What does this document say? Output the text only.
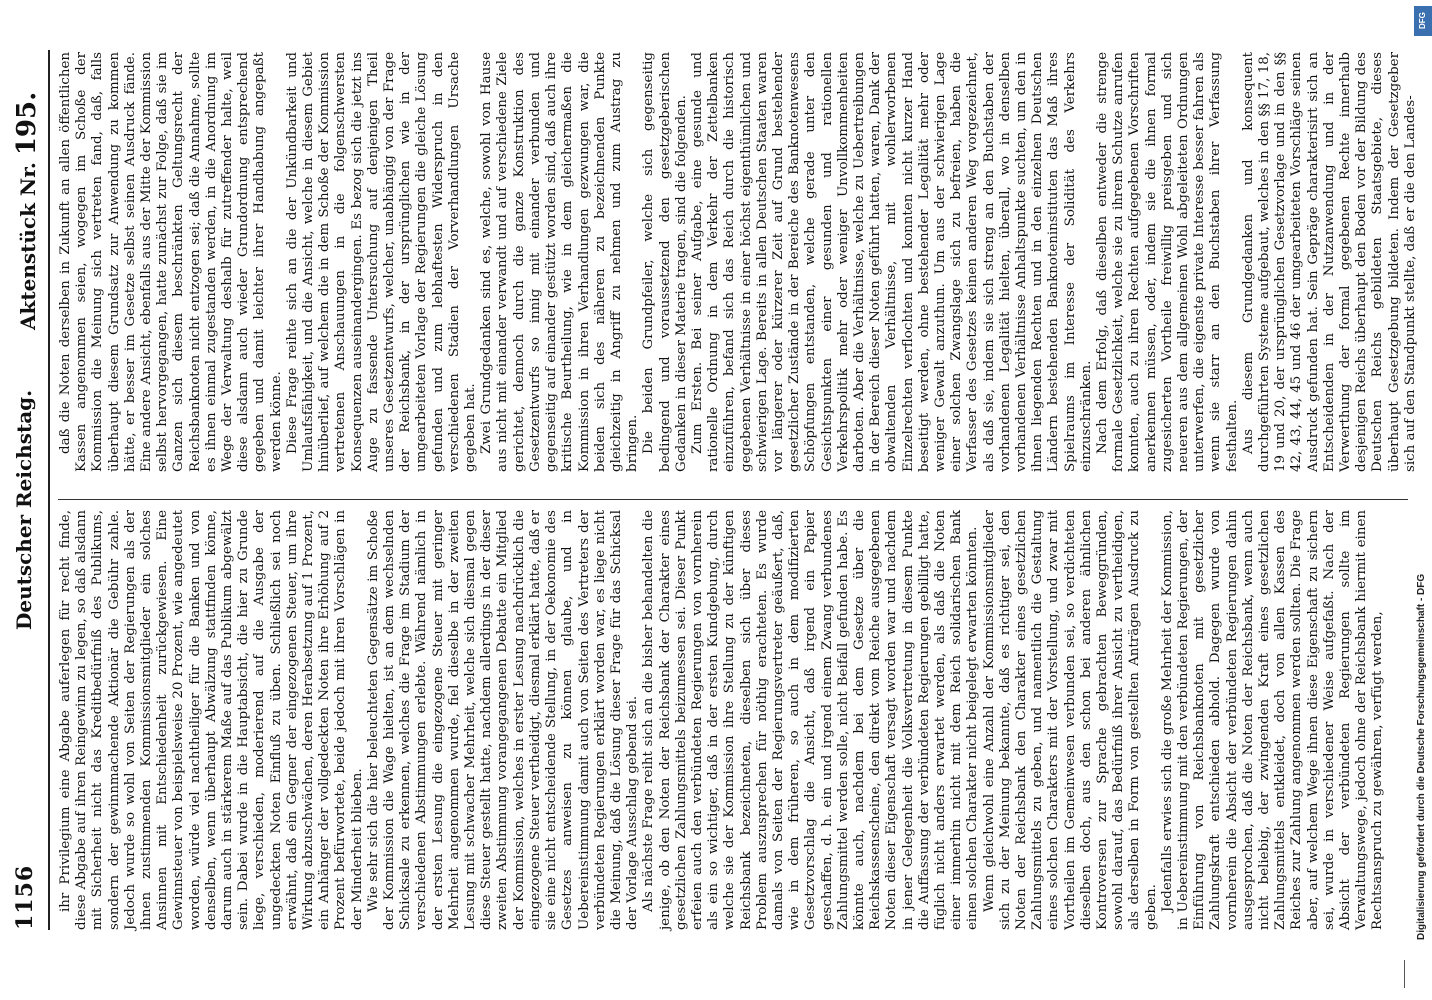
1156
Deutscher Reichstag.
Aktenstück Nr. 195.

ihr Privilegium eine Abgabe auferlegen für recht finde, diese Abgabe auf ihren Reingewinn zu legen, so daß alsdann mit Sicherheit nicht das Kreditbedürfniß des Publikums, sondern der gewinnmachende Aktionär die Gebühr zahle. Jedoch wurde so wohl von Seiten der Regierungen als der ihnen zustimmenden Kommissionsmitglieder ein solches Ansinnen mit Entschiedenheit zurückgewiesen. Eine Gewinnsteuer von beispielsweise 20 Prozent, wie angedeutet worden, würde viel nachtheiliger für die Banken und von denselben, wenn überhaupt Abwälzung stattfinden könne, darum auch in stärkerem Maße auf das Publikum abgewälzt sein. Dabei wurde in die Hauptabsicht, die hier zu Grunde liege, verschieden, moderierend auf die Ausgabe der ungedeckten Noten Einfluß zu üben. Schließlich sei noch erwähnt, daß ein Gegner der eingezogenen Steuer, um ihre Wirkung abzuschwächen, deren Herabsetzung auf 1 Prozent, ein Anhänger der vollgedeckten Noten ihre Erhöhung auf 2 Prozent befürwortete, beide jedoch mit ihren Vorschlägen in der Minderheit blieben. Wie sehr sich die hier beleuchteten Gegensätze im Schoße der Kommission die Wage hielten, ist an dem wechselnden Schicksale zu erkennen, welches die Frage im Stadium der verschiedenen Abstimmungen erlebte. Während nämlich in der ersten Lesung die eingezogene Steuer mit geringer Mehrheit angenommen wurde, fiel dieselbe in der zweiten Lesung mit schwacher Mehrheit, welche sich diesmal gegen diese Steuer gestellt hatte, nachdem allerdings in der dieser zweiten Abstimmung vorangegangenen Debatte ein Mitglied der Kommission, welches in erster Lesung nachdrücklich die eingezogene Steuer vertheidigt, diesmal erklärt hatte, daß er sie eine nicht entscheidende Stellung, in der Oekonomie des Gesetzes anweisen zu können glaube, und in Uebereinstimmung damit auch von Seiten des Vertreters der verbündeten Regierungen erklärt worden war, es liege nicht die Meinung, daß die Lösung dieser Frage für das Schicksal der Vorlage Ausschlag gebend sei. Als nächste Frage reiht sich an die bisher behandelten die jenige, ob den Noten der Reichsbank der Charakter eines gesetzlichen Zahlungsmittels beizumessen sei. Dieser Punkt erfeien auch den verbündeten Regierungen von vornherein als ein so wichtiger, daß in der ersten Kundgebung, durch welche sie der Kommission ihre Stellung zu der künftigen Reichsbank bezeichneten, dieselben sich über dieses Problem auszusprechen für nöthig erachteten. Es wurde damals von Seiten der Regierungsvertreter geäußert, daß, wie in dem früheren, so auch in dem modifizierten Gesetzvorschlag die Ansicht, daß irgend ein Papier geschaffen, d. h. ein und irgend einem Zwang verbundenes Zahlungsmittel werden solle, nicht Beifall gefunden habe. Es könnte auch, nachdem bei dem Gesetze über die Reichskassenscheine, den direkt vom Reiche ausgegebenen Noten dieser Eigenschaft versagt worden war und nachdem in jener Gelegenheit die Volksvertretung in diesem Punkte die Auffassung der verbündeten Regierungen gebilligt hatte, füglich nicht anders erwartet werden, als daß die Noten einer immerhin nicht mit dem Reich solidarischen Bank einen solchen Charakter nicht beigelegt erwarten könnten. Wenn gleichwohl eine Anzahl der Kommissionsmitglieder sich zu der Meinung bekannte, daß es richtiger sei, den Noten der Reichsbank den Charakter eines gesetzlichen Zahlungsmittels zu geben, und namentlich die Gestaltung eines solchen Charakters mit der Vorstellung, und zwar mit Vortheilen im Gemeinwesen verbunden sei, so verdichteten dieselben doch, aus den schon bei anderen ähnlichen Kontroversen zur Sprache gebrachten Beweggründen, sowohl darauf, das Bedürfniß ihrer Ansicht zu vertheidigen, als derselben in Form von gestellten Anträgen Ausdruck zu geben. Jedenfalls erwies sich die große Mehrheit der Kommission, in Uebereinstimmung mit den verbündeten Regierungen, der Einführung von Reichsbanknoten mit gesetzlicher Zahlungskraft entschieden abhold. Dagegen wurde von vornherein die Absicht der verbündeten Regierungen dahin ausgesprochen, daß die Noten der Reichsbank, wenn auch nicht beliebig, der zwingenden Kraft eines gesetzlichen Zahlungsmittels entkleidet, doch von allen Kassen des Reiches zur Zahlung angenommen werden sollten. Die Frage aber, auf welchem Wege ihnen diese Eigenschaft zu sichern sei, wurde in verschiedener Weise aufgefaßt. Nach der Absicht der verbündeten Regierungen sollte im Verwaltungswege, jedoch ohne der Reichsbank hiermit einen Rechtsanspruch zu gewähren, verfügt werden,

daß die Noten derselben in Zukunft an allen öffentlichen Kassen angenommen seien, wogegen im Schoße der Kommission die Meinung sich vertreten fand, daß, falls überhaupt diesem Grundsatz zur Anwendung zu kommen hätte, er besser im Gesetze selbst seinen Ausdruck fände. Eine andere Ansicht, ebenfalls aus der Mitte der Kommission selbst hervorgegangen, hatte zunächst zur Folge, daß sie im Ganzen sich diesem beschränkten Geltungsrecht der Reichsbanknoten nicht entzogen sei; daß die Annahme, sollte es ihnen einmal zugestanden werden, in die Anordnung im Wege der Verwaltung deshalb für zutreffender halte, weil diese alsdann auch wieder Grundordnung entsprechend gegeben und damit leichter ihrer Handhabung angepaßt werden könne. Diese Frage reihte sich an die der Unkündbarkeit und Umlaufsfähigkeit, und die Ansicht, welche in diesem Gebiet hinüberlief, auf welchem die in dem Schoße der Kommission vertretenen Anschauungen in die folgenschwersten Konsequenzen auseinandergingen. Es bezog sich die jetzt ins Auge zu fassende Untersuchung auf denjenigen Theil unseres Gesetzentwurfs, welcher, unabhängig von der Frage der Reichsbank, in der ursprünglichen wie in der umgearbeiteten Vorlage der Regierungen die gleiche Lösung gefunden und zum lebhaftesten Widerspruch in den verschiedenen Stadien der Vorverhandlungen Ursache gegeben hat. Zwei Grundgedanken sind es, welche, sowohl von Hause aus nicht mit einander verwandt und auf verschiedene Ziele gerichtet, dennoch durch die ganze Konstruktion des Gesetzentwurfs so innig mit einander verbunden und gegenseitig auf einander gestützt worden sind, daß auch ihre kritische Beurtheilung, wie in dem gleichermaßen die Kommission in ihren Verhandlungen gezwungen war, die beiden sich des näheren zu bezeichnenden Punkte gleichzeitig in Angriff zu nehmen und zum Austrag zu bringen. Die beiden Grundpfeiler, welche sich gegenseitig bedingend und voraussetzend den gesetzgeberischen Gedanken in dieser Materie tragen, sind die folgenden. Zum Ersten. Bei seiner Aufgabe, eine gesunde und rationelle Ordnung in dem Verkehr der Zettelbanken einzuführen, befand sich das Reich durch die historisch gegebenen Verhältnisse in einer höchst eigenthümlichen und schwierigen Lage. Bereits in allen Deutschen Staaten waren vor längerer oder kürzerer Zeit auf Grund bestehender gesetzlicher Zustände in der Bereiche des Banknotenwesens Schöpfungen entstanden, welche gerade unter den Gesichtspunkten einer gesunden und rationellen Verkehrspolitik mehr oder weniger Unvollkommenheiten darboten. Aber die Verhältnisse, welche zu Uebertreibungen in der Bereich dieser Noten geführt hatten, waren, Dank der obwaltenden Verhältnisse, mit wohlerworbenen Einzelrechten verflochten und konnten nicht kurzer Hand beseitigt werden, ohne bestehender Legalität mehr oder weniger Gewalt anzuthun. Um aus der schwierigen Lage einer solchen Zwangslage sich zu befreien, haben die Verfasser des Gesetzes keinen anderen Weg vorgezeichnet, als daß sie, indem sie sich streng an den Buchstaben der vorhandenen Legalität hielten, überall, wo in denselben vorhandenen Verhältnisse Anhaltspunkte suchten, um den in ihnen liegenden Rechten und in den einzelnen Deutschen Ländern bestehenden Banknoteninstituten das Maß ihres Spielraums im Interesse der Solidität des Verkehrs einzuschränken. Nach dem Erfolg, daß dieselben entweder die strenge formale Gesetzlichkeit, welche sie zu ihrem Schutze anrufen konnten, auch zu ihren Rechten aufgegebenen Vorschriften anerkennen müssen, oder, indem sie die ihnen formal zugesicherten Vortheile freiwillig preisgeben und sich neueren aus dem allgemeinen Wohl abgeleiteten Ordnungen unterwerfen, die eigenste private Interesse besser fahren als wenn sie starr an den Buchstaben ihrer Verfassung festhalten. Aus diesem Grundgedanken und konsequent durchgeführten Systeme aufgebaut, welches in den §§ 17, 18, 19 und 20, der ursprünglichen Gesetzvorlage und in den §§ 42, 43, 44, 45 und 46 der umgearbeiteten Vorschläge seinen Ausdruck gefunden hat. Sein Gepräge charakterisirt sich an Entscheidenden in der Nutzanwendung und in der Verwerthung der formal gegebenen Rechte innerhalb desjenigen Reichs überhaupt den Boden vor der Bildung des Deutschen Reichs gebildeten Staatsgebiete, dieses überhaupt Gesetzgebung bildeten. Indem der Gesetzgeber sich auf den Standpunkt stellte, daß er die den Landes-

DFG
Digitalisierung gefördert durch die Deutsche Forschungsgemeinschaft - DFG
